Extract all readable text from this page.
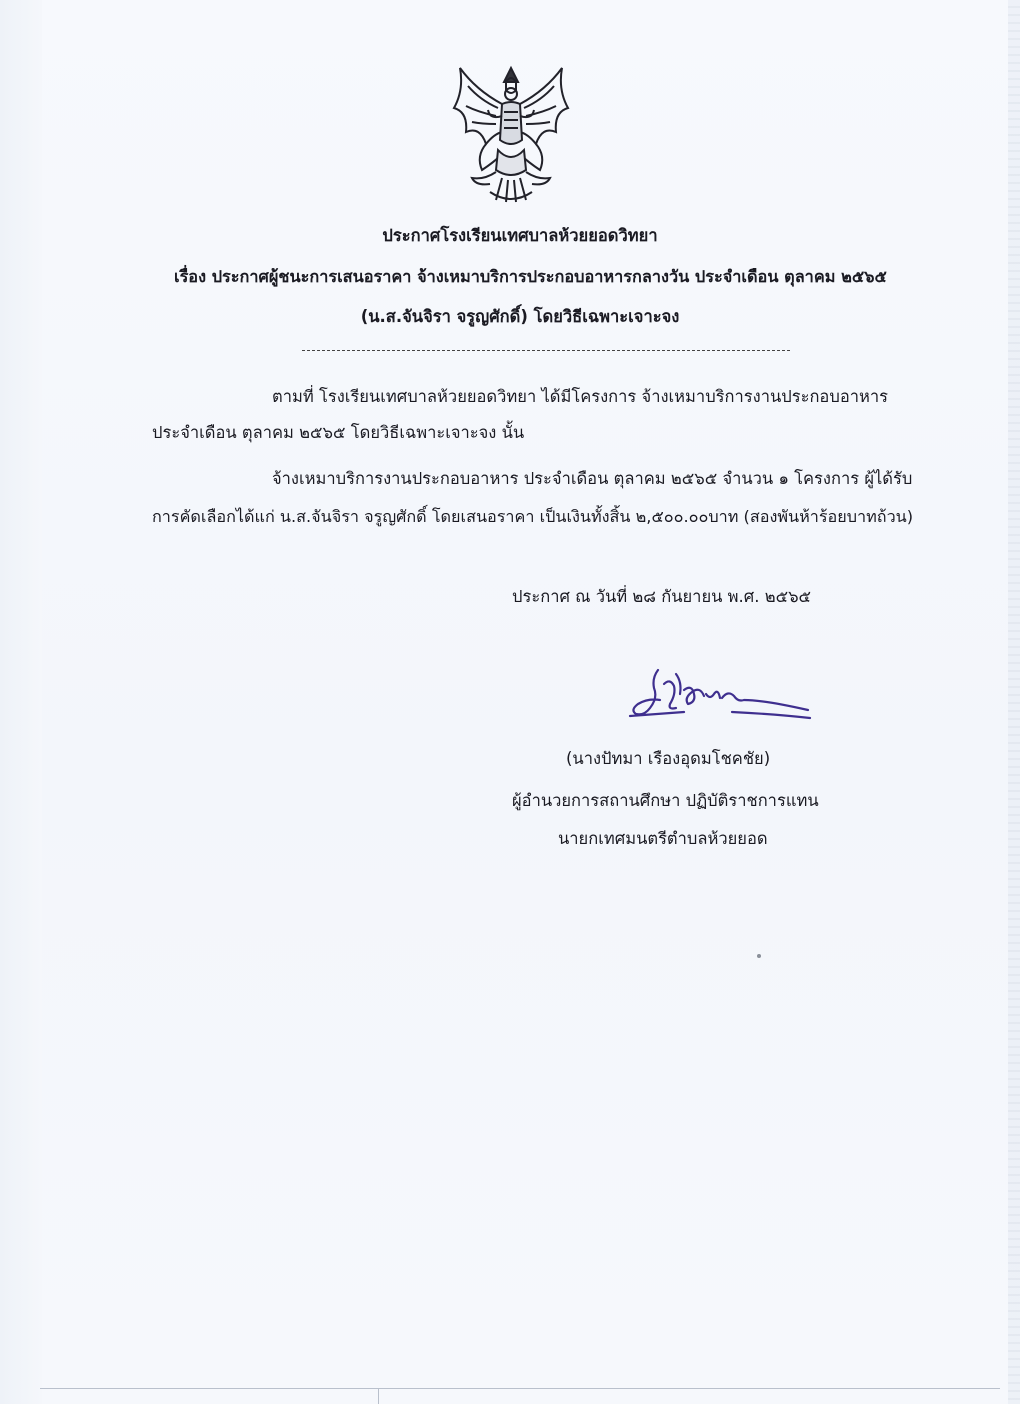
ประกาศโรงเรียนเทศบาลห้วยยอดวิทยา
เรื่อง ประกาศผู้ชนะการเสนอราคา จ้างเหมาบริการประกอบอาหารกลางวัน ประจำเดือน ตุลาคม ๒๕๖๕
(น.ส.จันจิรา จรูญศักดิ์) โดยวิธีเฉพาะเจาะจง
ตามที่ โรงเรียนเทศบาลห้วยยอดวิทยา ได้มีโครงการ จ้างเหมาบริการงานประกอบอาหาร
ประจำเดือน ตุลาคม ๒๕๖๕ โดยวิธีเฉพาะเจาะจง นั้น
จ้างเหมาบริการงานประกอบอาหาร ประจำเดือน ตุลาคม ๒๕๖๕ จำนวน ๑ โครงการ ผู้ได้รับ
การคัดเลือกได้แก่ น.ส.จันจิรา จรูญศักดิ์ โดยเสนอราคา เป็นเงินทั้งสิ้น ๒,๕๐๐.๐๐บาท (สองพันห้าร้อยบาทถ้วน)
ประกาศ ณ วันที่ ๒๘ กันยายน พ.ศ. ๒๕๖๕
(นางปัทมา เรืองอุดมโชคชัย)
ผู้อำนวยการสถานศึกษา ปฏิบัติราชการแทน
นายกเทศมนตรีตำบลห้วยยอด
